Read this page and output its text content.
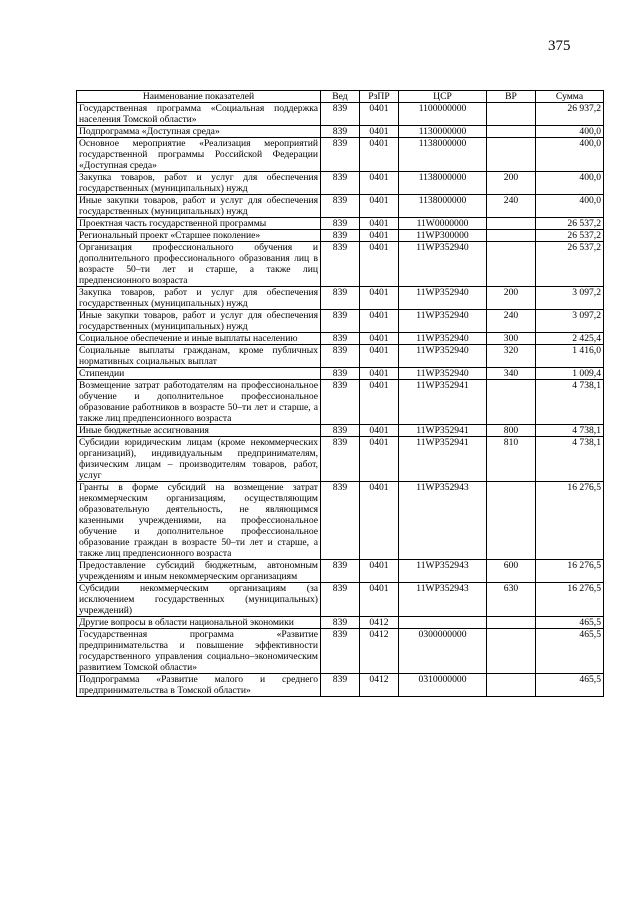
375
Наименование показателей	Вед	РзПР	ЦСР	ВР	Сумма
Государственная программа «Социальная поддержка населения Томской области»	839	0401	1100000000		26 937,2
Подпрограмма «Доступная среда»	839	0401	1130000000		400,0
Основное мероприятие «Реализация мероприятий государственной программы Российской Федерации «Доступная среда»	839	0401	1138000000		400,0
Закупка товаров, работ и услуг для обеспечения государственных (муниципальных) нужд	839	0401	1138000000	200	400,0
Иные закупки товаров, работ и услуг для обеспечения государственных (муниципальных) нужд	839	0401	1138000000	240	400,0
Проектная часть государственной программы	839	0401	11W0000000		26 537,2
Региональный проект «Старшее поколение»	839	0401	11WP300000		26 537,2
Организация профессионального обучения и дополнительного профессионального образования лиц в возрасте 50–ти лет и старше, а также лиц предпенсионного возраста	839	0401	11WP352940		26 537,2
Закупка товаров, работ и услуг для обеспечения государственных (муниципальных) нужд	839	0401	11WP352940	200	3 097,2
Иные закупки товаров, работ и услуг для обеспечения государственных (муниципальных) нужд	839	0401	11WP352940	240	3 097,2
Социальное обеспечение и иные выплаты населению	839	0401	11WP352940	300	2 425,4
Социальные выплаты гражданам, кроме публичных нормативных социальных выплат	839	0401	11WP352940	320	1 416,0
Стипендии	839	0401	11WP352940	340	1 009,4
Возмещение затрат работодателям на профессиональное обучение и дополнительное профессиональное образование работников в возрасте 50–ти лет и старше, а также лиц предпенсионного возраста	839	0401	11WP352941		4 738,1
Иные бюджетные ассигнования	839	0401	11WP352941	800	4 738,1
Субсидии юридическим лицам (кроме некоммерческих организаций), индивидуальным предпринимателям, физическим лицам – производителям товаров, работ, услуг	839	0401	11WP352941	810	4 738,1
Гранты в форме субсидий на возмещение затрат некоммерческим организациям, осуществляющим образовательную деятельность, не являющимся казенными учреждениями, на профессиональное обучение и дополнительное профессиональное образование граждан в возрасте 50–ти лет и старше, а также лиц предпенсионного возраста	839	0401	11WP352943		16 276,5
Предоставление субсидий бюджетным, автономным учреждениям и иным некоммерческим организациям	839	0401	11WP352943	600	16 276,5
Субсидии некоммерческим организациям (за исключением государственных (муниципальных) учреждений)	839	0401	11WP352943	630	16 276,5
Другие вопросы в области национальной экономики	839	0412			465,5
Государственная программа «Развитие предпринимательства и повышение эффективности государственного управления социально–экономическим развитием Томской области»	839	0412	0300000000		465,5
Подпрограмма «Развитие малого и среднего предпринимательства в Томской области»	839	0412	0310000000		465,5
